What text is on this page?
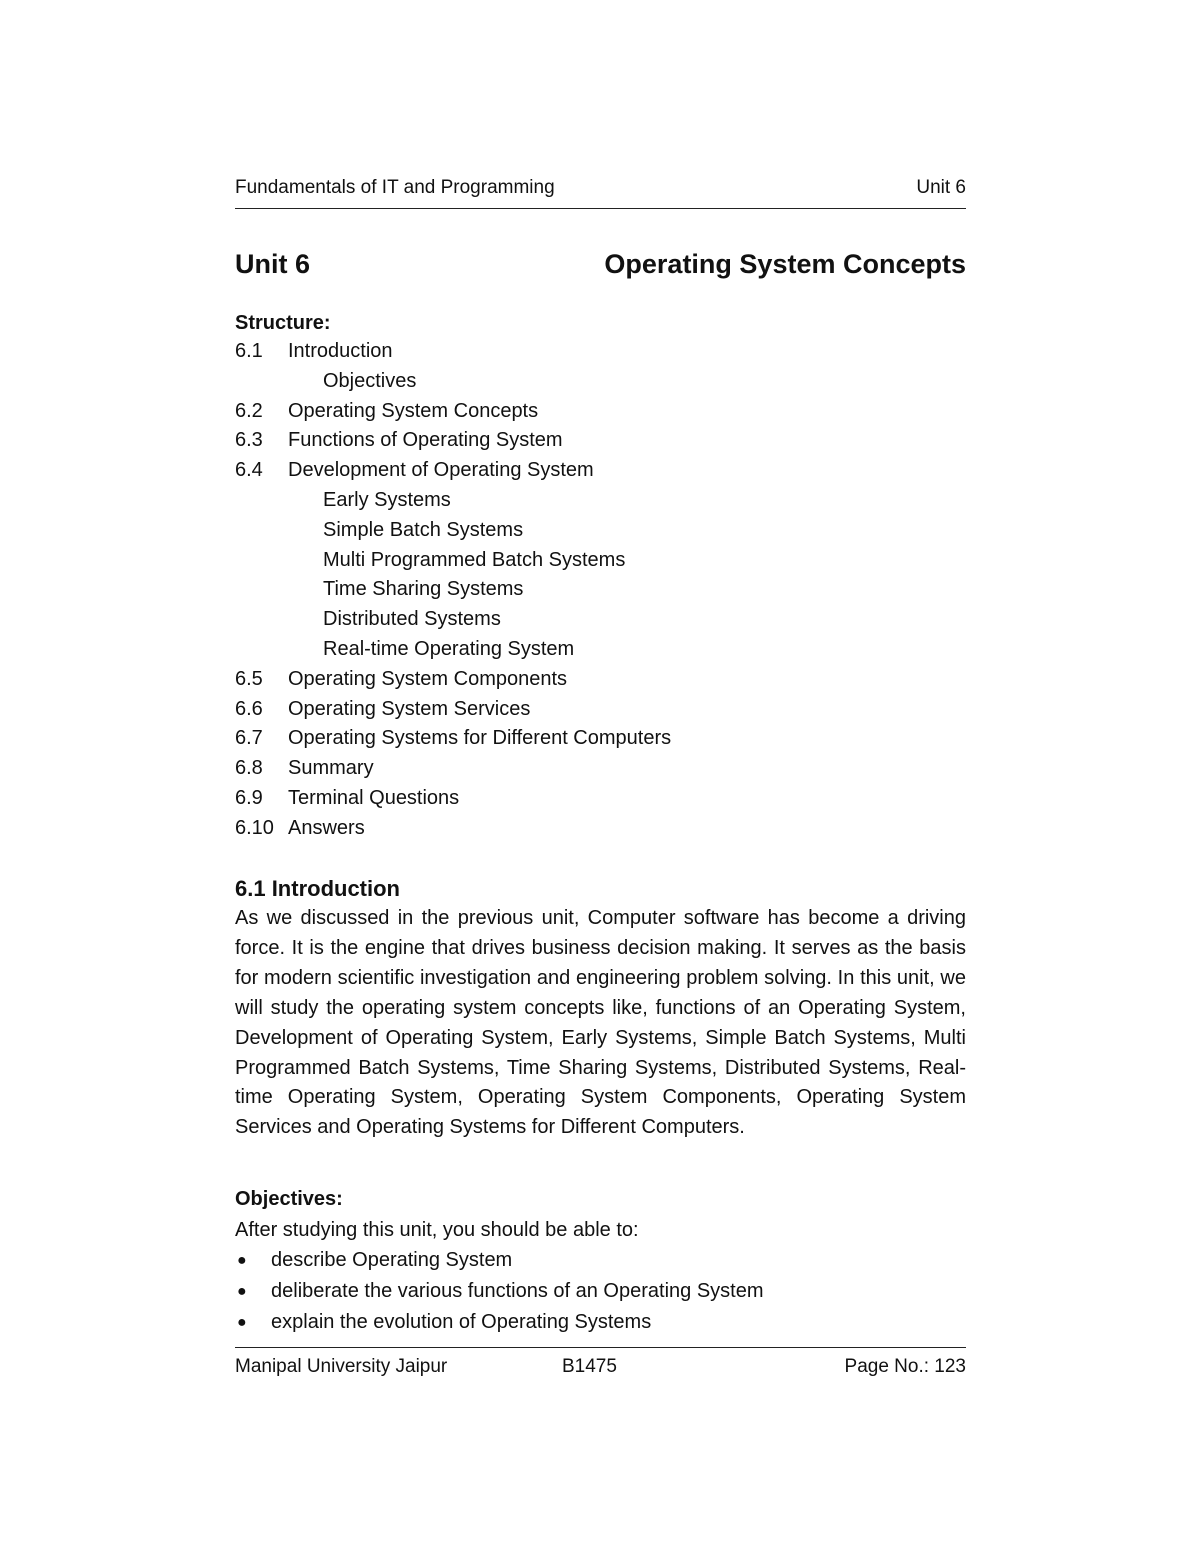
Fundamentals of IT and Programming	Unit 6
Unit 6	Operating System Concepts
Structure:
6.1 Introduction
Objectives
6.2 Operating System Concepts
6.3 Functions of Operating System
6.4 Development of Operating System
Early Systems
Simple Batch Systems
Multi Programmed Batch Systems
Time Sharing Systems
Distributed Systems
Real-time Operating System
6.5 Operating System Components
6.6 Operating System Services
6.7 Operating Systems for Different Computers
6.8 Summary
6.9 Terminal Questions
6.10 Answers
6.1 Introduction

As we discussed in the previous unit, Computer software has become a driving force. It is the engine that drives business decision making. It serves as the basis for modern scientific investigation and engineering problem solving. In this unit, we will study the operating system concepts like, functions of an Operating System, Development of Operating System, Early Systems, Simple Batch Systems, Multi Programmed Batch Systems, Time Sharing Systems, Distributed Systems, Real-time Operating System, Operating System Components, Operating System Services and Operating Systems for Different Computers.

Objectives:
After studying this unit, you should be able to:
● describe Operating System
● deliberate the various functions of an Operating System
● explain the evolution of Operating Systems
Manipal University Jaipur	B1475	Page No.: 123
